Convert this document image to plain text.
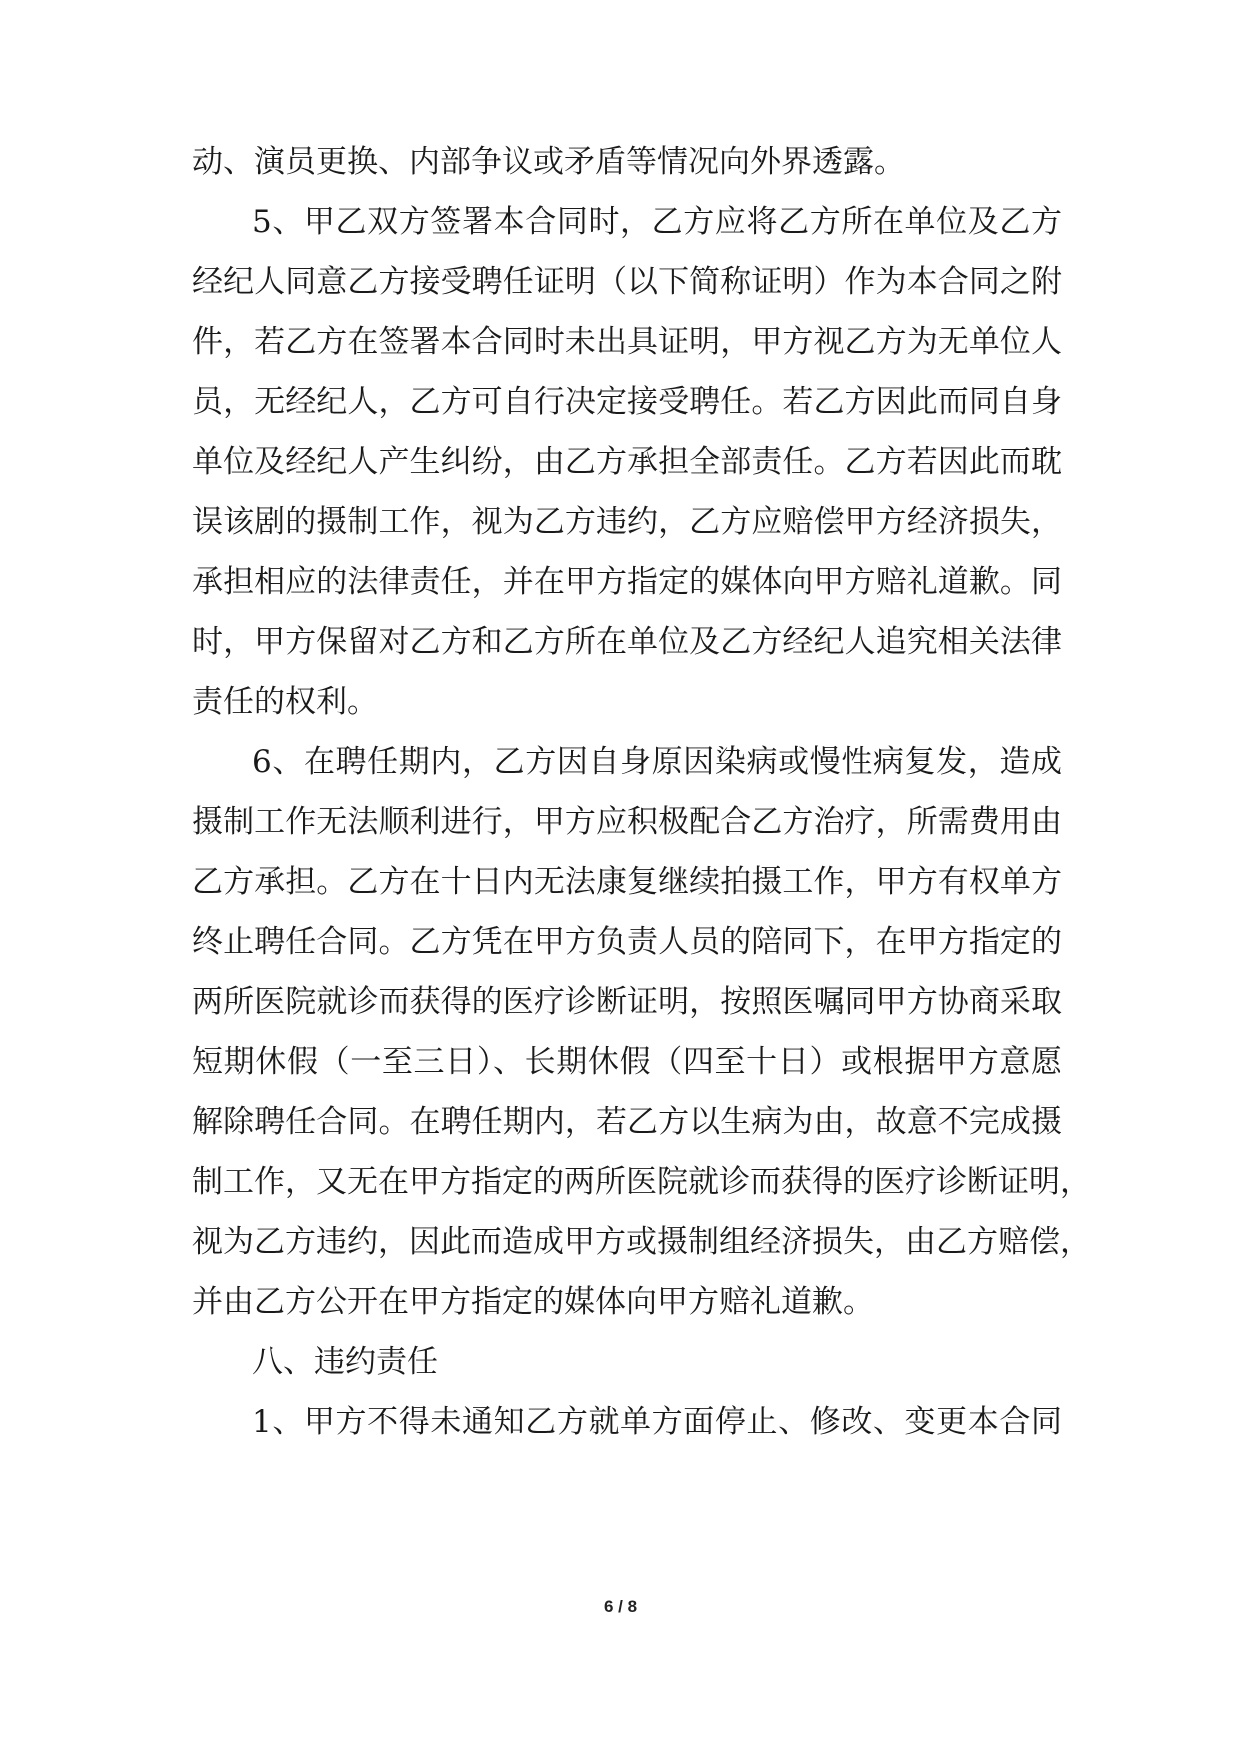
动、演员更换、内部争议或矛盾等情况向外界透露。
5、甲乙双方签署本合同时，乙方应将乙方所在单位及乙方
经纪人同意乙方接受聘任证明（以下简称证明）作为本合同之附
件，若乙方在签署本合同时未出具证明，甲方视乙方为无单位人
员，无经纪人，乙方可自行决定接受聘任。若乙方因此而同自身
单位及经纪人产生纠纷，由乙方承担全部责任。乙方若因此而耽
误该剧的摄制工作，视为乙方违约，乙方应赔偿甲方经济损失，
承担相应的法律责任，并在甲方指定的媒体向甲方赔礼道歉。同
时，甲方保留对乙方和乙方所在单位及乙方经纪人追究相关法律
责任的权利。
6、在聘任期内，乙方因自身原因染病或慢性病复发，造成
摄制工作无法顺利进行，甲方应积极配合乙方治疗，所需费用由
乙方承担。乙方在十日内无法康复继续拍摄工作，甲方有权单方
终止聘任合同。乙方凭在甲方负责人员的陪同下，在甲方指定的
两所医院就诊而获得的医疗诊断证明，按照医嘱同甲方协商采取
短期休假（一至三日）、长期休假（四至十日）或根据甲方意愿
解除聘任合同。在聘任期内，若乙方以生病为由，故意不完成摄
制工作，又无在甲方指定的两所医院就诊而获得的医疗诊断证明，
视为乙方违约，因此而造成甲方或摄制组经济损失，由乙方赔偿，
并由乙方公开在甲方指定的媒体向甲方赔礼道歉。
八、违约责任
1、甲方不得未通知乙方就单方面停止、修改、变更本合同
6 / 8
